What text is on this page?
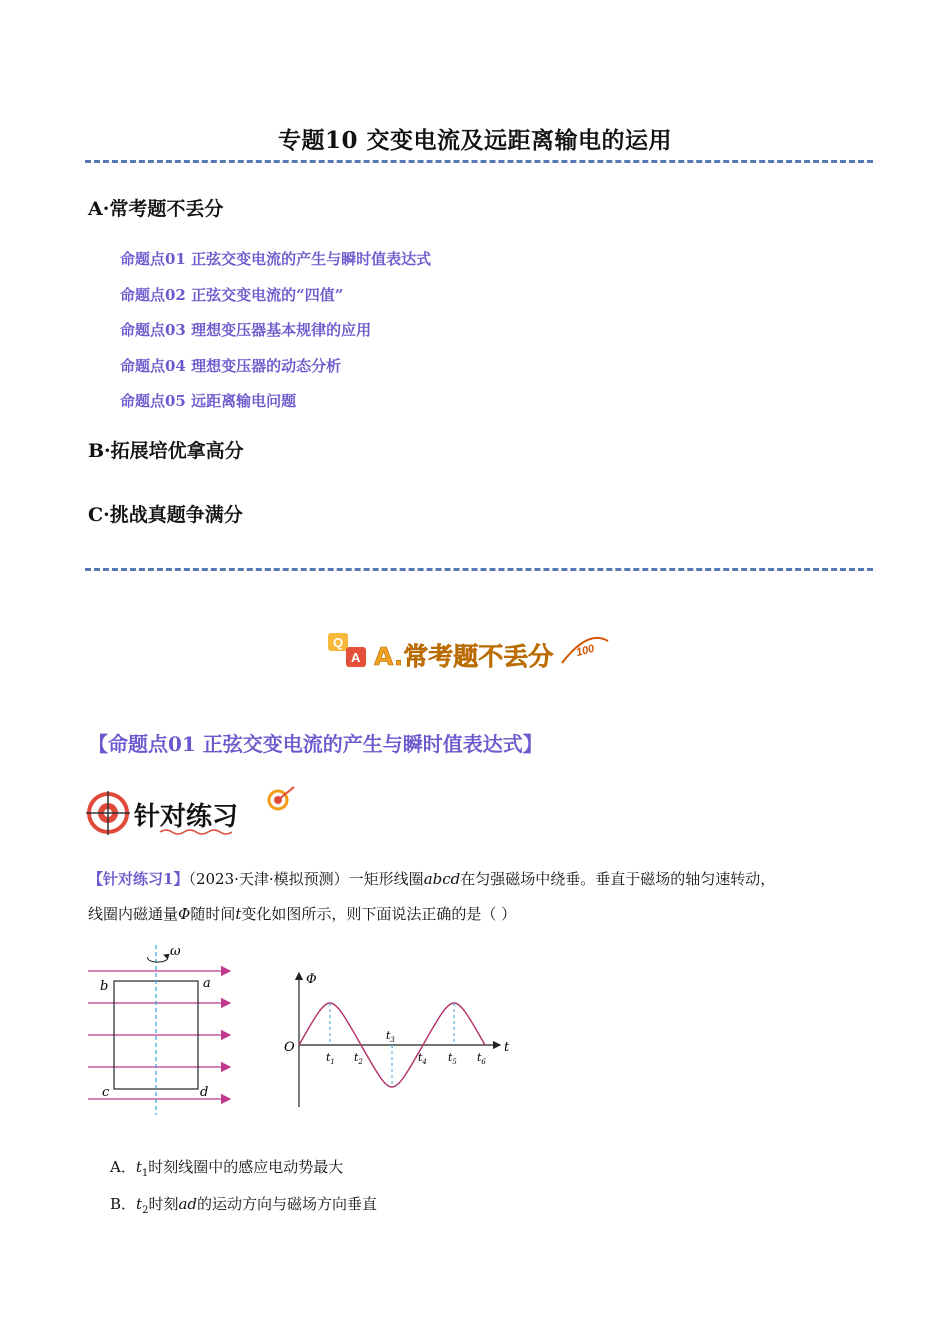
专题10 交变电流及远距离输电的运用
A·常考题不丢分
命题点01 正弦交变电流的产生与瞬时值表达式
命题点02 正弦交变电流的“四值”
命题点03 理想变压器基本规律的应用
命题点04 理想变压器的动态分析
命题点05 远距离输电问题
B·拓展培优拿高分
C·挑战真题争满分
Q
A A.常考题不丢分 100
【命题点01 正弦交变电流的产生与瞬时值表达式】
针对练习
【针对练习1】（2023·天津·模拟预测）一矩形线圈abcd在匀强磁场中绕垂。垂直于磁场的轴匀速转动，
线圈内磁通量Φ随时间t变化如图所示，则下面说法正确的是（ ）
ω
a
b
c	d
Φ
O	t
$t_1$ $t_2$
$t_3$
$t_4$ $t_5$ $t_6$
A．$t_1$时刻线圈中的感应电动势最大
B．$t_2$时刻ad的运动方向与磁场方向垂直
